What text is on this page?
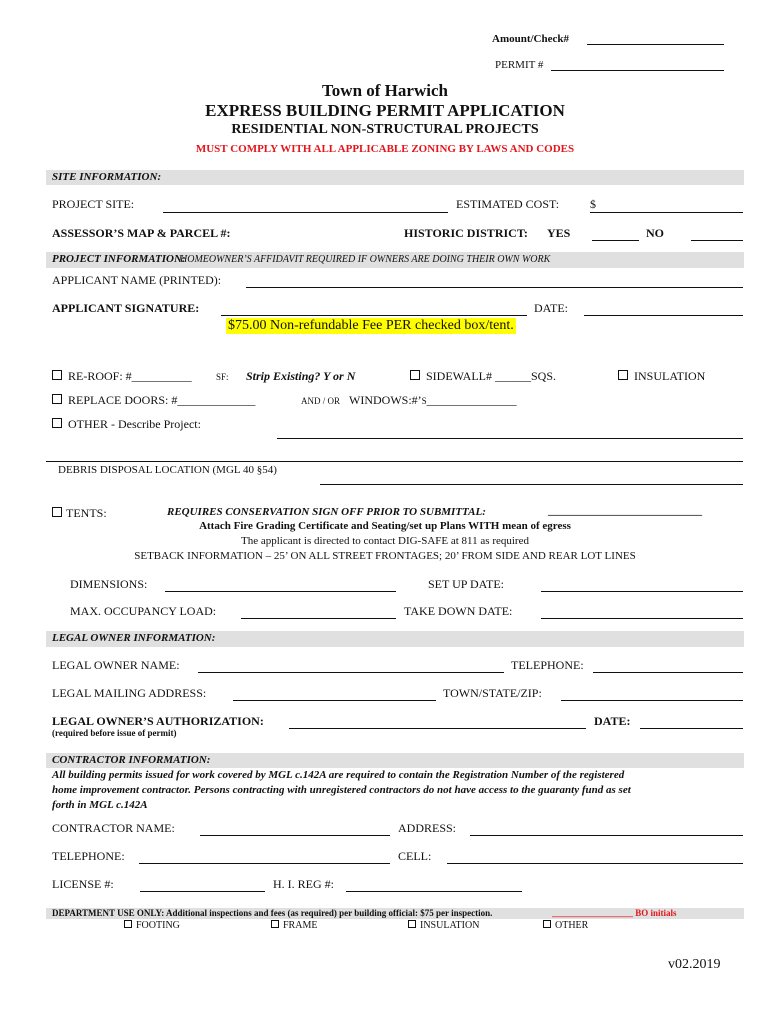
Amount/Check#
PERMIT #
Town of Harwich
EXPRESS BUILDING PERMIT APPLICATION
RESIDENTIAL NON-STRUCTURAL PROJECTS
MUST COMPLY WITH ALL APPLICABLE ZONING BY LAWS AND CODES
SITE INFORMATION:
PROJECT SITE:	ESTIMATED COST:	$
ASSESSOR’S MAP & PARCEL #:	HISTORIC DISTRICT: YES	NO
PROJECT INFORMATION:
HOMEOWNER’S AFFIDAVIT REQUIRED IF OWNERS ARE DOING THEIR OWN WORK
APPLICANT NAME (PRINTED):
APPLICANT SIGNATURE:	DATE:
$75.00 Non-refundable Fee PER checked box/tent.
RE-ROOF: #__________	SF: Strip Existing? Y or N	SIDEWALL# ______SQS.	INSULATION
REPLACE DOORS: #_____________	AND / OR WINDOWS:#’S_______________
OTHER - Describe Project:
DEBRIS DISPOSAL LOCATION (MGL 40 §54)
TENTS:	REQUIRES CONSERVATION SIGN OFF PRIOR TO SUBMITTAL:	____________________________
Attach Fire Grading Certificate and Seating/set up Plans WITH mean of egress
The applicant is directed to contact DIG-SAFE at 811 as required
SETBACK INFORMATION – 25’ ON ALL STREET FRONTAGES; 20’ FROM SIDE AND REAR LOT LINES
DIMENSIONS:	SET UP DATE:
MAX. OCCUPANCY LOAD:	TAKE DOWN DATE:
LEGAL OWNER INFORMATION:
LEGAL OWNER NAME:	TELEPHONE:
LEGAL MAILING ADDRESS:	TOWN/STATE/ZIP:
LEGAL OWNER’S AUTHORIZATION:	DATE:
(required before issue of permit)
CONTRACTOR INFORMATION:
All building permits issued for work covered by MGL c.142A are required to contain the Registration Number of the registered
home improvement contractor. Persons contracting with unregistered contractors do not have access to the guaranty fund as set
forth in MGL c.142A
CONTRACTOR NAME:	ADDRESS:
TELEPHONE:	CELL:
LICENSE #:	H. I. REG #:
DEPARTMENT USE ONLY: Additional inspections and fees (as required) per building official: $75 per inspection.	__________________ BO initials
FOOTING	FRAME	INSULATION	OTHER
v02.2019
